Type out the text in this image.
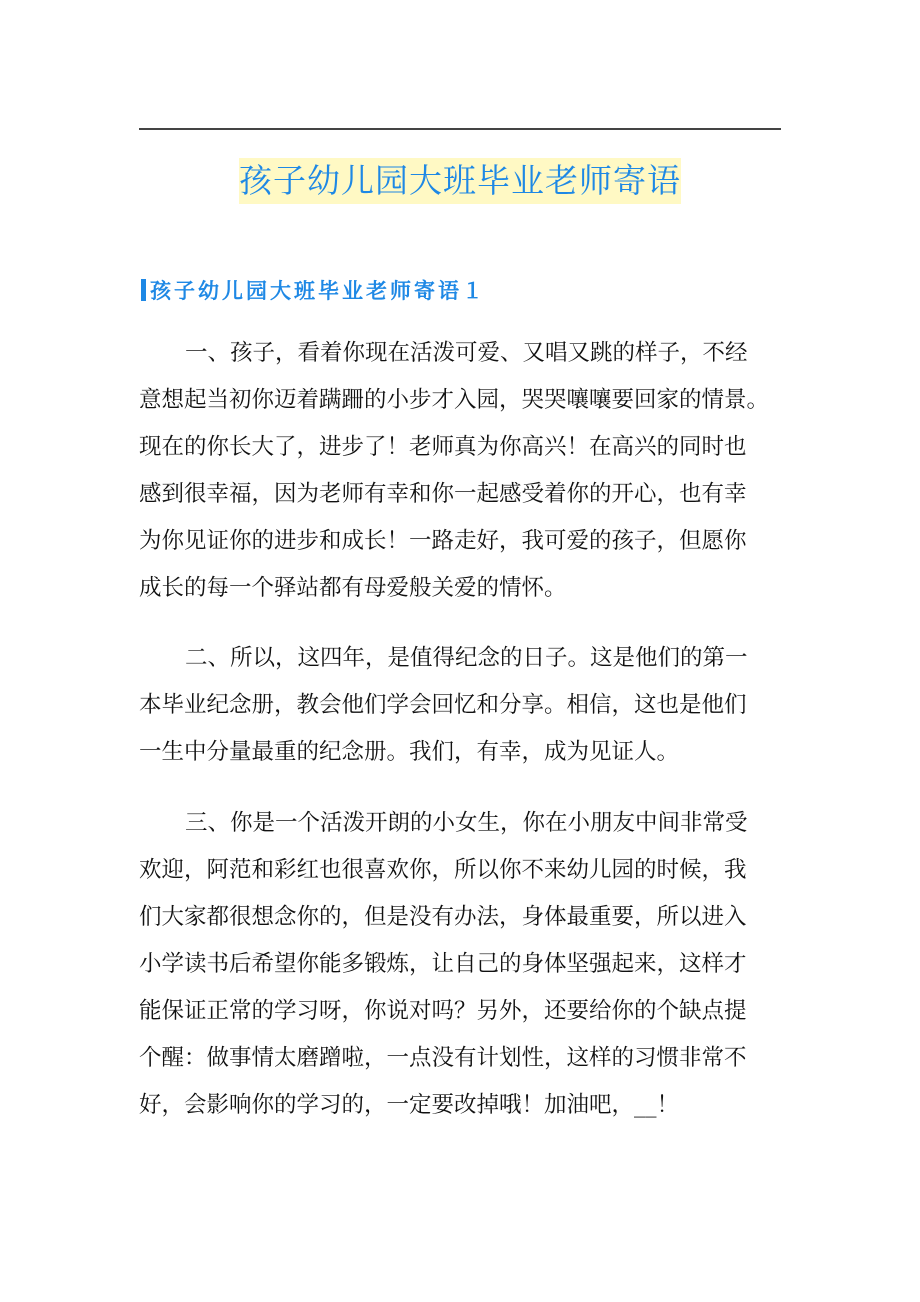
孩子幼儿园大班毕业老师寄语
孩子幼儿园大班毕业老师寄语１
一、孩子，看着你现在活泼可爱、又唱又跳的样子，不经
意想起当初你迈着蹒跚的小步才入园，哭哭嚷嚷要回家的情景。
现在的你长大了，进步了！老师真为你高兴！在高兴的同时也
感到很幸福，因为老师有幸和你一起感受着你的开心，也有幸
为你见证你的进步和成长！一路走好，我可爱的孩子，但愿你
成长的每一个驿站都有母爱般关爱的情怀。
二、所以，这四年，是值得纪念的日子。这是他们的第一
本毕业纪念册，教会他们学会回忆和分享。相信，这也是他们
一生中分量最重的纪念册。我们，有幸，成为见证人。
三、你是一个活泼开朗的小女生，你在小朋友中间非常受
欢迎，阿范和彩红也很喜欢你，所以你不来幼儿园的时候，我
们大家都很想念你的，但是没有办法，身体最重要，所以进入
小学读书后希望你能多锻炼，让自己的身体坚强起来，这样才
能保证正常的学习呀，你说对吗？另外，还要给你的个缺点提
个醒：做事情太磨蹭啦，一点没有计划性，这样的习惯非常不
好，会影响你的学习的，一定要改掉哦！加油吧，__！
